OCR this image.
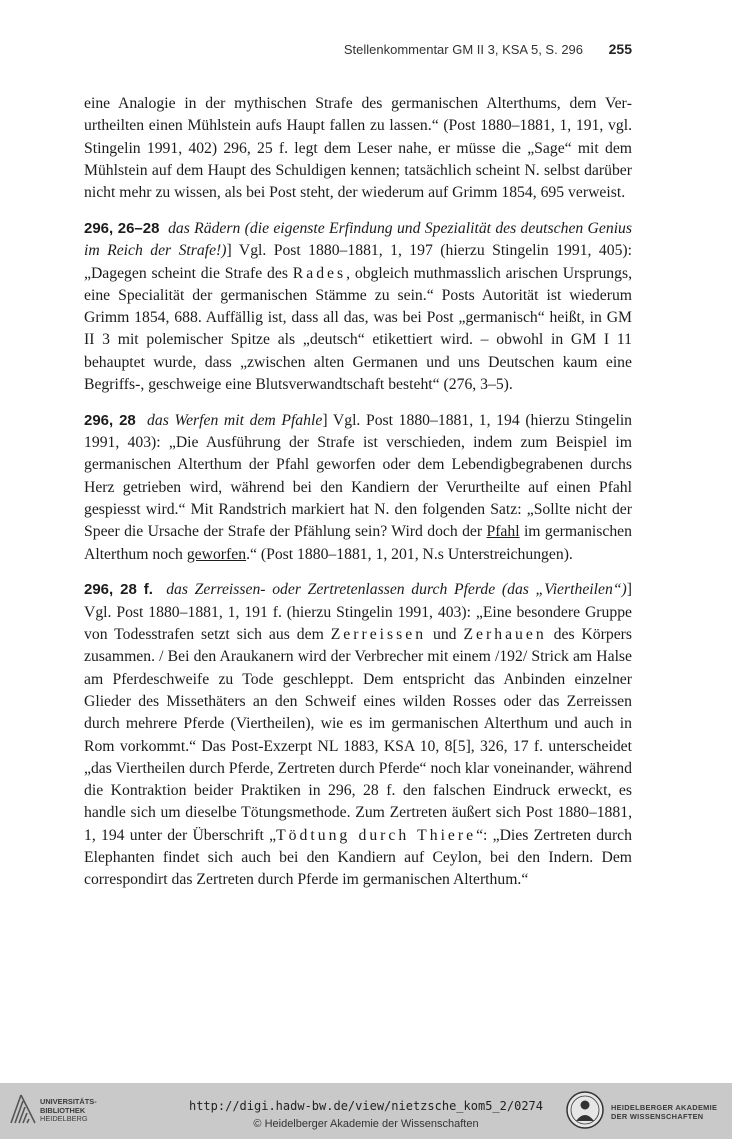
Stellenkommentar GM II 3, KSA 5, S. 296 255

eine Analogie in der mythischen Strafe des germanischen Alterthums, dem Verurtheilten einen Mühlstein aufs Haupt fallen zu lassen.“ (Post 1880–1881, 1, 191, vgl. Stingelin 1991, 402) 296, 25 f. legt dem Leser nahe, er müsse die „Sage“ mit dem Mühlstein auf dem Haupt des Schuldigen kennen; tatsächlich scheint N. selbst darüber nicht mehr zu wissen, als bei Post steht, der wiederum auf Grimm 1854, 695 verweist.

296, 26–28 das Rädern (die eigenste Erfindung und Spezialität des deutschen Genius im Reich der Strafe!)] Vgl. Post 1880–1881, 1, 197 (hierzu Stingelin 1991, 405): „Dagegen scheint die Strafe des Rades, obgleich muthmasslich arischen Ursprungs, eine Specialität der germanischen Stämme zu sein.“ Posts Autorität ist wiederum Grimm 1854, 688. Auffällig ist, dass all das, was bei Post „germanisch“ heißt, in GM II 3 mit polemischer Spitze als „deutsch“ etikettiert wird. – obwohl in GM I 11 behauptet wurde, dass „zwischen alten Germanen und uns Deutschen kaum eine Begriffs-, geschweige eine Blutsverwandtschaft besteht“ (276, 3–5).

296, 28 das Werfen mit dem Pfahle] Vgl. Post 1880–1881, 1, 194 (hierzu Stingelin 1991, 403): „Die Ausführung der Strafe ist verschieden, indem zum Beispiel im germanischen Alterthum der Pfahl geworfen oder dem Lebendigbegrabenen durchs Herz getrieben wird, während bei den Kandiern der Verurtheilte auf einen Pfahl gespiesst wird.“ Mit Randstrich markiert hat N. den folgenden Satz: „Sollte nicht der Speer die Ursache der Strafe der Pfählung sein? Wird doch der Pfahl im germanischen Alterthum noch geworfen.“ (Post 1880–1881, 1, 201, N.s Unterstreichungen).

296, 28 f. das Zerreissen- oder Zertretenlassen durch Pferde (das „Viertheilen“)] Vgl. Post 1880–1881, 1, 191 f. (hierzu Stingelin 1991, 403): „Eine besondere Gruppe von Todesstrafen setzt sich aus dem Zerreissen und Zerhauen des Körpers zusammen. / Bei den Araukanern wird der Verbrecher mit einem /192/ Strick am Halse am Pferdeschweife zu Tode geschleppt. Dem entspricht das Anbinden einzelner Glieder des Missethäters an den Schweif eines wilden Rosses oder das Zerreissen durch mehrere Pferde (Viertheilen), wie es im germanischen Alterthum und auch in Rom vorkommt.“ Das Post-Exzerpt NL 1883, KSA 10, 8[5], 326, 17 f. unterscheidet „das Viertheilen durch Pferde, Zertreten durch Pferde“ noch klar voneinander, während die Kontraktion beider Praktiken in 296, 28 f. den falschen Eindruck erweckt, es handle sich um dieselbe Tötungsmethode. Zum Zertreten äußert sich Post 1880–1881, 1, 194 unter der Überschrift „Tödtung durch Thiere“: „Dies Zertreten durch Elephanten findet sich auch bei den Kandiern auf Ceylon, bei den Indern. Dem correspondirt das Zertreten durch Pferde im germanischen Alterthum.“

UNIVERSITÄTS-
BIBLIOTHEK
HEIDELBERG
http://digi.hadw-bw.de/view/nietzsche_kom5_2/0274
© Heidelberger Akademie der Wissenschaften
HEIDELBERGER AKADEMIE
DER WISSENSCHAFTEN
